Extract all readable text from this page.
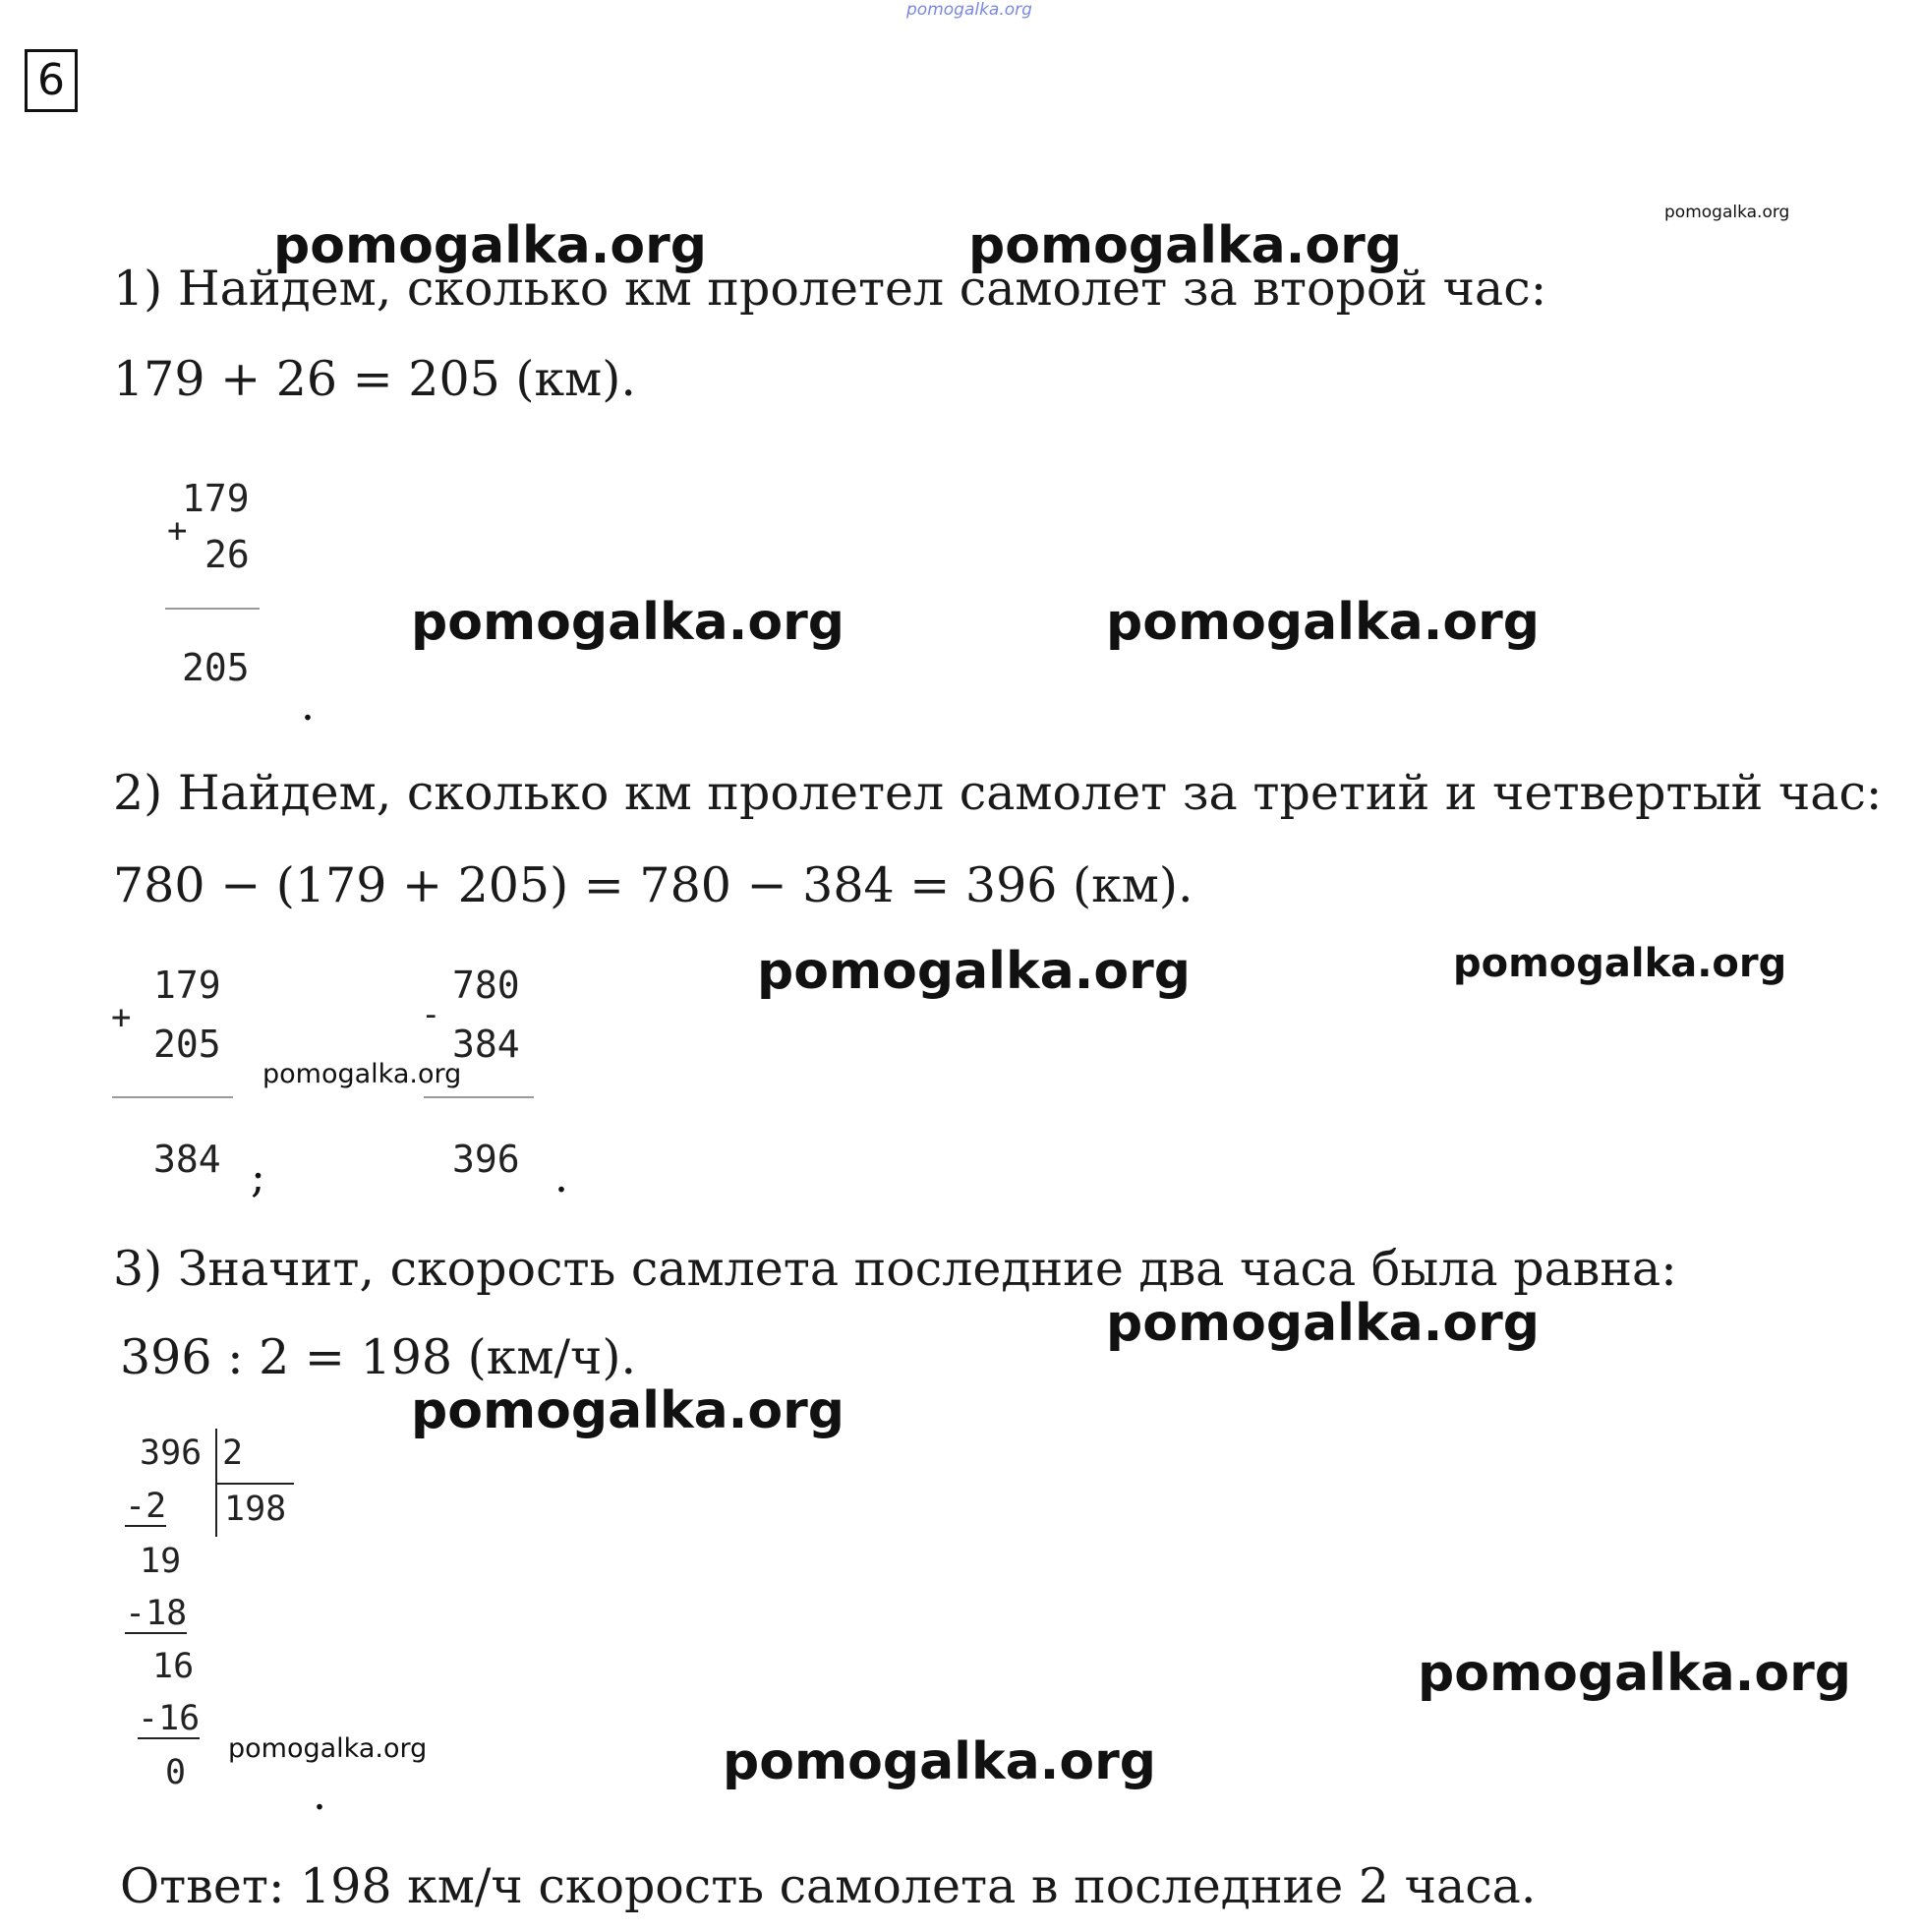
pomogalka.org
6
1) Найдем, сколько км пролетел самолет за второй час:
179 + 26 = 205 (км).
179
+
26
205
.
2) Найдем, сколько км пролетел самолет за третий и четвертый час:
780 − (179 + 205) = 780 − 384 = 396 (км).
179
+
205
384 ;
780
-
384
396 .
3) Значит, скорость самлета последние два часа была равна:
396 : 2 = 198 (км/ч).
396 2
198
-2
19
-18
16
-16
0	.
Ответ: 198 км/ч скорость самолета в последние 2 часа.
pomogalka.org	pomogalka.org
pomogalka.org
pomogalka.org	pomogalka.org
pomogalka.org	pomogalka.org
pomogalka.org
pomogalka.org
pomogalka.org
pomogalka.org
pomogalka.org	pomogalka.org
